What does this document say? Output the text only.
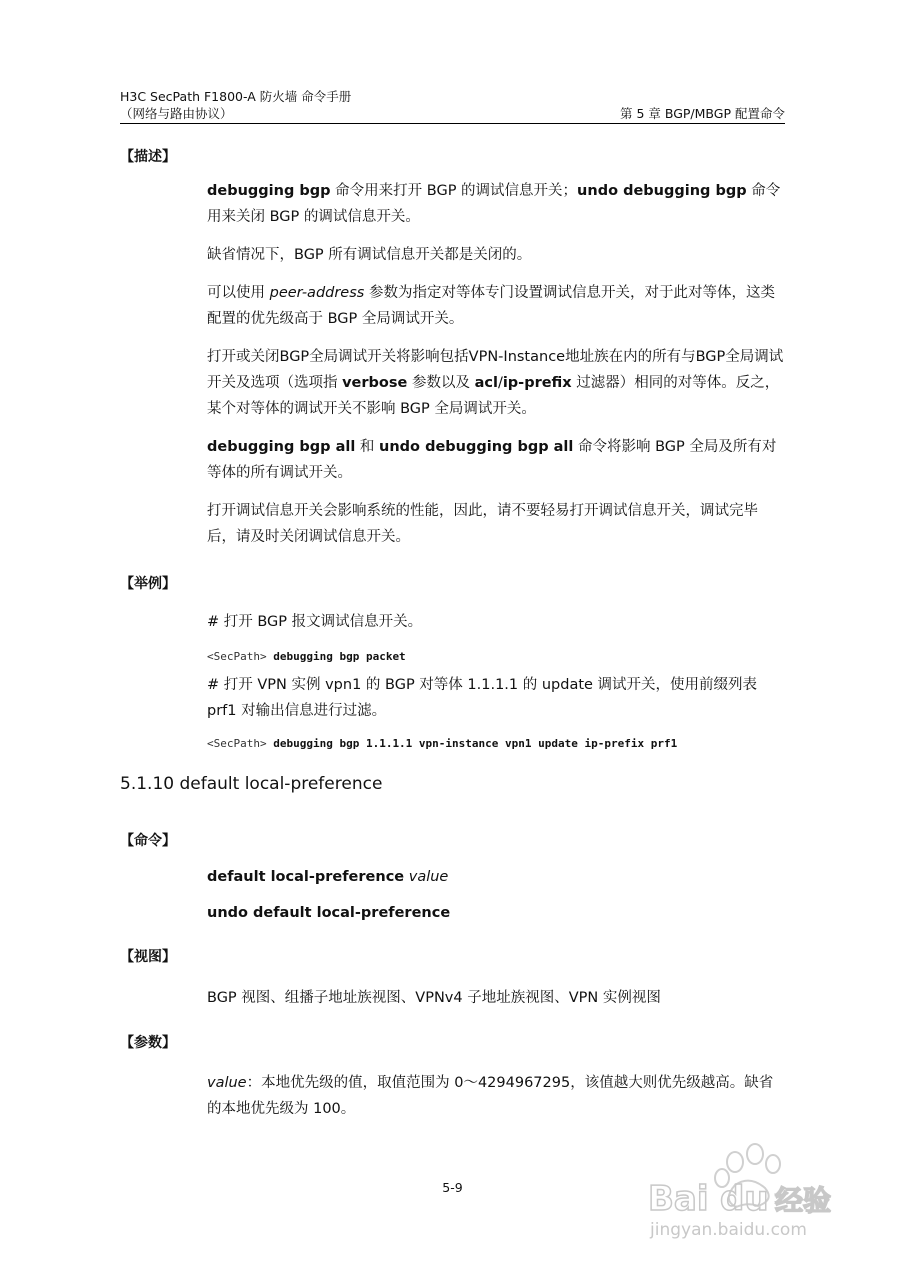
H3C SecPath F1800-A 防火墙 命令手册
（网络与路由协议）	第 5 章 BGP/MBGP 配置命令
【描述】
debugging bgp 命令用来打开 BGP 的调试信息开关；undo debugging bgp 命令用来关闭 BGP 的调试信息开关。
缺省情况下，BGP 所有调试信息开关都是关闭的。
可以使用 peer-address 参数为指定对等体专门设置调试信息开关，对于此对等体，这类配置的优先级高于 BGP 全局调试开关。
打开或关闭BGP全局调试开关将影响包括VPN-Instance地址族在内的所有与BGP全局调试开关及选项（选项指 verbose 参数以及 acl/ip-prefix 过滤器）相同的对等体。反之，某个对等体的调试开关不影响 BGP 全局调试开关。
debugging bgp all 和 undo debugging bgp all 命令将影响 BGP 全局及所有对等体的所有调试开关。
打开调试信息开关会影响系统的性能，因此，请不要轻易打开调试信息开关，调试完毕后，请及时关闭调试信息开关。
【举例】
# 打开 BGP 报文调试信息开关。
<SecPath> debugging bgp packet
# 打开 VPN 实例 vpn1 的 BGP 对等体 1.1.1.1 的 update 调试开关，使用前缀列表 prf1 对输出信息进行过滤。
<SecPath> debugging bgp 1.1.1.1 vpn-instance vpn1 update ip-prefix prf1
5.1.10 default local-preference
【命令】
default local-preference value
undo default local-preference
【视图】
BGP 视图、组播子地址族视图、VPNv4 子地址族视图、VPN 实例视图
【参数】
value：本地优先级的值，取值范围为 0～4294967295，该值越大则优先级越高。缺省的本地优先级为 100。
5-9	Bai du 经验
jingyan.baidu.com
